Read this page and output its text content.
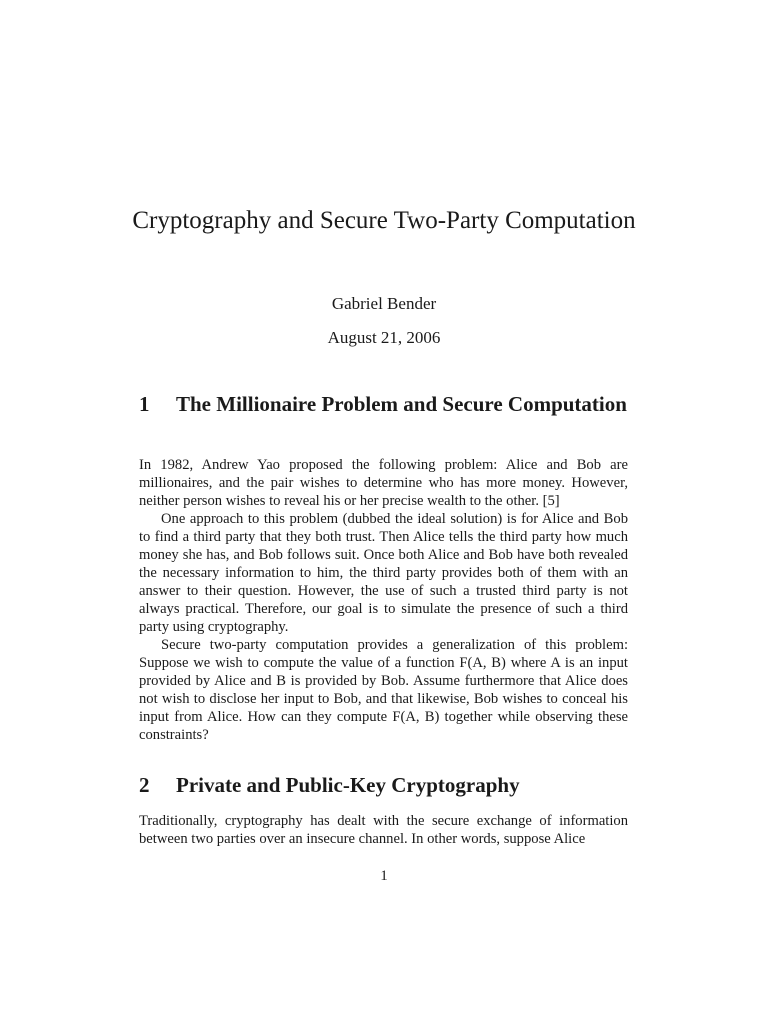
Cryptography and Secure Two-Party Computation
Gabriel Bender
August 21, 2006
1 The Millionaire Problem and Secure Computation

In 1982, Andrew Yao proposed the following problem: Alice and Bob are millionaires, and the pair wishes to determine who has more money. However, neither person wishes to reveal his or her precise wealth to the other. [5]

One approach to this problem (dubbed the ideal solution) is for Alice and Bob to find a third party that they both trust. Then Alice tells the third party how much money she has, and Bob follows suit. Once both Alice and Bob have both revealed the necessary information to him, the third party provides both of them with an answer to their question. However, the use of such a trusted third party is not always practical. Therefore, our goal is to simulate the presence of such a third party using cryptography.

Secure two-party computation provides a generalization of this problem: Suppose we wish to compute the value of a function F(A, B) where A is an input provided by Alice and B is provided by Bob. Assume furthermore that Alice does not wish to disclose her input to Bob, and that likewise, Bob wishes to conceal his input from Alice. How can they compute F(A, B) together while observing these constraints?

2 Private and Public-Key Cryptography

Traditionally, cryptography has dealt with the secure exchange of information between two parties over an insecure channel. In other words, suppose Alice

1
